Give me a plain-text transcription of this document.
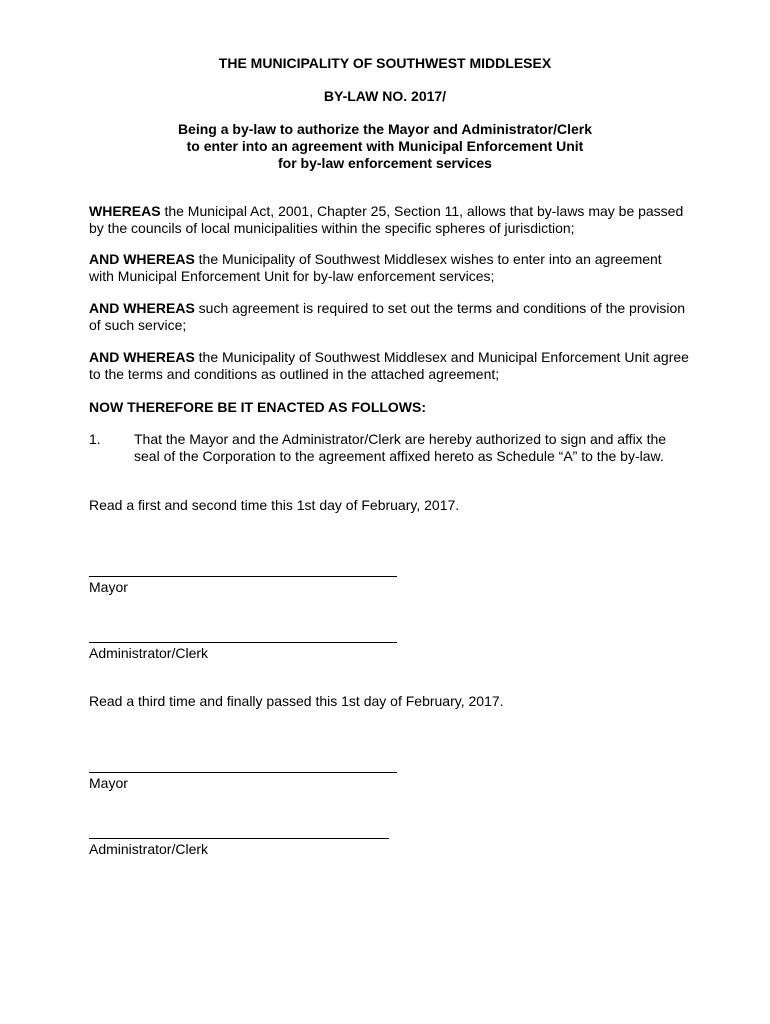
THE MUNICIPALITY OF SOUTHWEST MIDDLESEX
BY-LAW NO. 2017/
Being a by-law to authorize the Mayor and Administrator/Clerk
to enter into an agreement with Municipal Enforcement Unit
for by-law enforcement services
WHEREAS the Municipal Act, 2001, Chapter 25, Section 11, allows that by-laws may be passed by the councils of local municipalities within the specific spheres of jurisdiction;
AND WHEREAS the Municipality of Southwest Middlesex wishes to enter into an agreement with Municipal Enforcement Unit for by-law enforcement services;
AND WHEREAS such agreement is required to set out the terms and conditions of the provision of such service;
AND WHEREAS the Municipality of Southwest Middlesex and Municipal Enforcement Unit agree to the terms and conditions as outlined in the attached agreement;
NOW THEREFORE BE IT ENACTED AS FOLLOWS:
1. That the Mayor and the Administrator/Clerk are hereby authorized to sign and affix the seal of the Corporation to the agreement affixed hereto as Schedule “A” to the by-law.
Read a first and second time this 1st day of February, 2017.
Mayor
Administrator/Clerk
Read a third time and finally passed this 1st day of February, 2017.
Mayor
Administrator/Clerk
